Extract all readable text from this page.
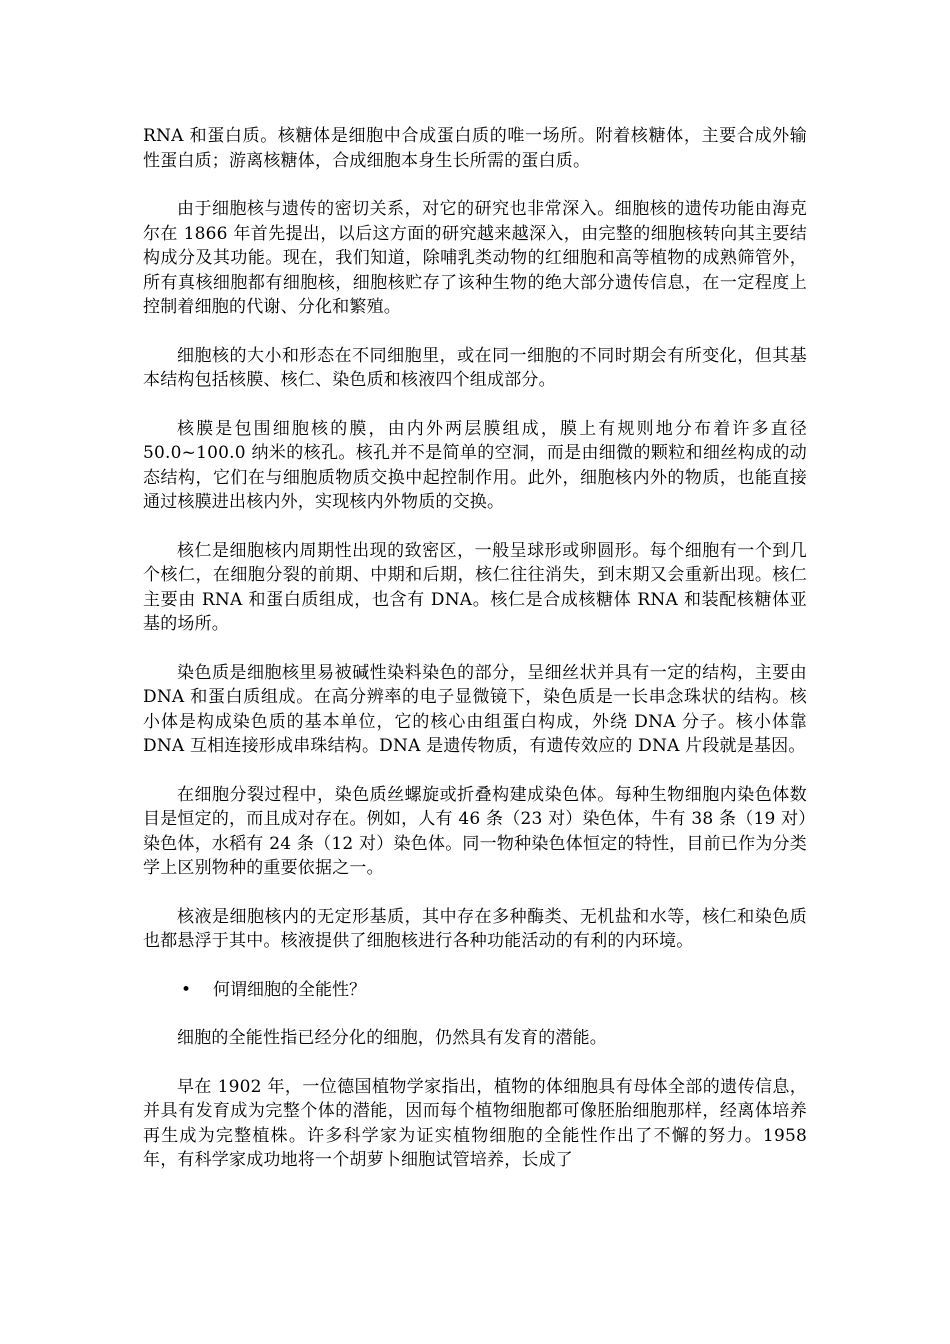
RNA 和蛋白质。核糖体是细胞中合成蛋白质的唯一场所。附着核糖体，主要合成外输性蛋白质；游离核糖体，合成细胞本身生长所需的蛋白质。

由于细胞核与遗传的密切关系，对它的研究也非常深入。细胞核的遗传功能由海克尔在 1866 年首先提出，以后这方面的研究越来越深入，由完整的细胞核转向其主要结构成分及其功能。现在，我们知道，除哺乳类动物的红细胞和高等植物的成熟筛管外，所有真核细胞都有细胞核，细胞核贮存了该种生物的绝大部分遗传信息，在一定程度上控制着细胞的代谢、分化和繁殖。

细胞核的大小和形态在不同细胞里，或在同一细胞的不同时期会有所变化，但其基本结构包括核膜、核仁、染色质和核液四个组成部分。

核膜是包围细胞核的膜，由内外两层膜组成，膜上有规则地分布着许多直径 50.0~100.0 纳米的核孔。核孔并不是简单的空洞，而是由细微的颗粒和细丝构成的动态结构，它们在与细胞质物质交换中起控制作用。此外，细胞核内外的物质，也能直接通过核膜进出核内外，实现核内外物质的交换。

核仁是细胞核内周期性出现的致密区，一般呈球形或卵圆形。每个细胞有一个到几个核仁，在细胞分裂的前期、中期和后期，核仁往往消失，到末期又会重新出现。核仁主要由 RNA 和蛋白质组成，也含有 DNA。核仁是合成核糖体 RNA 和装配核糖体亚基的场所。

染色质是细胞核里易被碱性染料染色的部分，呈细丝状并具有一定的结构，主要由 DNA 和蛋白质组成。在高分辨率的电子显微镜下，染色质是一长串念珠状的结构。核小体是构成染色质的基本单位，它的核心由组蛋白构成，外绕 DNA 分子。核小体靠 DNA 互相连接形成串珠结构。DNA 是遗传物质，有遗传效应的 DNA 片段就是基因。

在细胞分裂过程中，染色质丝螺旋或折叠构建成染色体。每种生物细胞内染色体数目是恒定的，而且成对存在。例如，人有 46 条（23 对）染色体，牛有 38 条（19 对）染色体，水稻有 24 条（12 对）染色体。同一物种染色体恒定的特性，目前已作为分类学上区别物种的重要依据之一。

核液是细胞核内的无定形基质，其中存在多种酶类、无机盐和水等，核仁和染色质也都悬浮于其中。核液提供了细胞核进行各种功能活动的有利的内环境。

• 何谓细胞的全能性？

细胞的全能性指已经分化的细胞，仍然具有发育的潜能。

早在 1902 年，一位德国植物学家指出，植物的体细胞具有母体全部的遗传信息，并具有发育成为完整个体的潜能，因而每个植物细胞都可像胚胎细胞那样，经离体培养再生成为完整植株。许多科学家为证实植物细胞的全能性作出了不懈的努力。1958 年，有科学家成功地将一个胡萝卜细胞试管培养，长成了
